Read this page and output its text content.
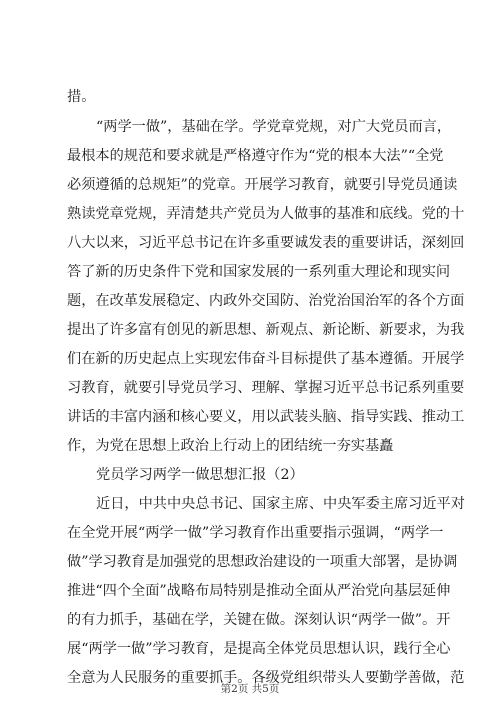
措。
“两学一做”，基础在学。学党章党规，对广大党员而言，
最根本的规范和要求就是严格遵守作为“党的根本大法”“全党
必须遵循的总规矩”的党章。开展学习教育，就要引导党员通读
熟读党章党规，弄清楚共产党员为人做事的基准和底线。党的十
八大以来，习近平总书记在许多重要诚发表的重要讲话，深刻回
答了新的历史条件下党和国家发展的一系列重大理论和现实问
题，在改革发展稳定、内政外交国防、治党治国治军的各个方面
提出了许多富有创见的新思想、新观点、新论断、新要求，为我
们在新的历史起点上实现宏伟奋斗目标提供了基本遵循。开展学
习教育，就要引导党员学习、理解、掌握习近平总书记系列重要
讲话的丰富内涵和核心要义，用以武装头脑、指导实践、推动工
作，为党在思想上政治上行动上的团结统一夯实基矗
党员学习两学一做思想汇报（2）
近日，中共中央总书记、国家主席、中央军委主席习近平对
在全党开展“两学一做”学习教育作出重要指示强调，“两学一
做”学习教育是加强党的思想政治建设的一项重大部署，是协调
推进“四个全面”战略布局特别是推动全面从严治党向基层延伸
的有力抓手，基础在学，关键在做。深刻认识“两学一做”。开
展“两学一做”学习教育，是提高全体党员思想认识，践行全心
全意为人民服务的重要抓手。各级党组织带头人要勤学善做，范
第2页 共5页
